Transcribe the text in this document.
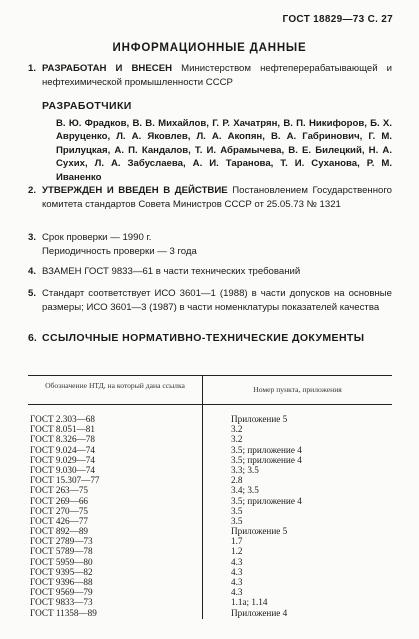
ГОСТ 18829—73 С. 27
ИНФОРМАЦИОННЫЕ ДАННЫЕ
1. РАЗРАБОТАН И ВНЕСЕН Министерством нефтеперерабатывающей и нефтехимической промышленности СССР
РАЗРАБОТЧИКИ
В. Ю. Фрадков, В. В. Михайлов, Г. Р. Хачатрян, В. П. Никифоров, Б. Х. Авруценко, Л. А. Яковлев, Л. А. Акопян, В. А. Габринович, Г. М. Прилуцкая, А. П. Кандалов, Т. И. Абрамычева, В. Е. Билецкий, Н. А. Сухих, Л. А. Забуслаева, А. И. Таранова, Т. И. Суханова, Р. М. Иваненко
2. УТВЕРЖДЕН И ВВЕДЕН В ДЕЙСТВИЕ Постановлением Государственного комитета стандартов Совета Министров СССР от 25.05.73 № 1321
3. Срок проверки — 1990 г.
Периодичность проверки — 3 года
4. ВЗАМЕН ГОСТ 9833—61 в части технических требований
5. Стандарт соответствует ИСО 3601—1 (1988) в части допусков на основные размеры; ИСО 3601—3 (1987) в части номенклатуры показателей качества
6. ССЫЛОЧНЫЕ НОРМАТИВНО-ТЕХНИЧЕСКИЕ ДОКУМЕНТЫ
Обозначение НТД, на который дана ссылка	Номер пункта, приложения
ГОСТ 2.303—68	Приложение 5
ГОСТ 8.051—81	3.2
ГОСТ 8.326—78	3.2
ГОСТ 9.024—74	3.5; приложение 4
ГОСТ 9.029—74	3.5; приложение 4
ГОСТ 9.030—74	3.3; 3.5
ГОСТ 15.307—77	2.8
ГОСТ 263—75	3.4; 3.5
ГОСТ 269—66	3.5; приложение 4
ГОСТ 270—75	3.5
ГОСТ 426—77	3.5
ГОСТ 892—89	Приложение 5
ГОСТ 2789—73	1.7
ГОСТ 5789—78	1.2
ГОСТ 5959—80	4.3
ГОСТ 9395—82	4.3
ГОСТ 9396—88	4.3
ГОСТ 9569—79	4.3
ГОСТ 9833—73	1.1а; 1.14
ГОСТ 11358—89	Приложение 4
